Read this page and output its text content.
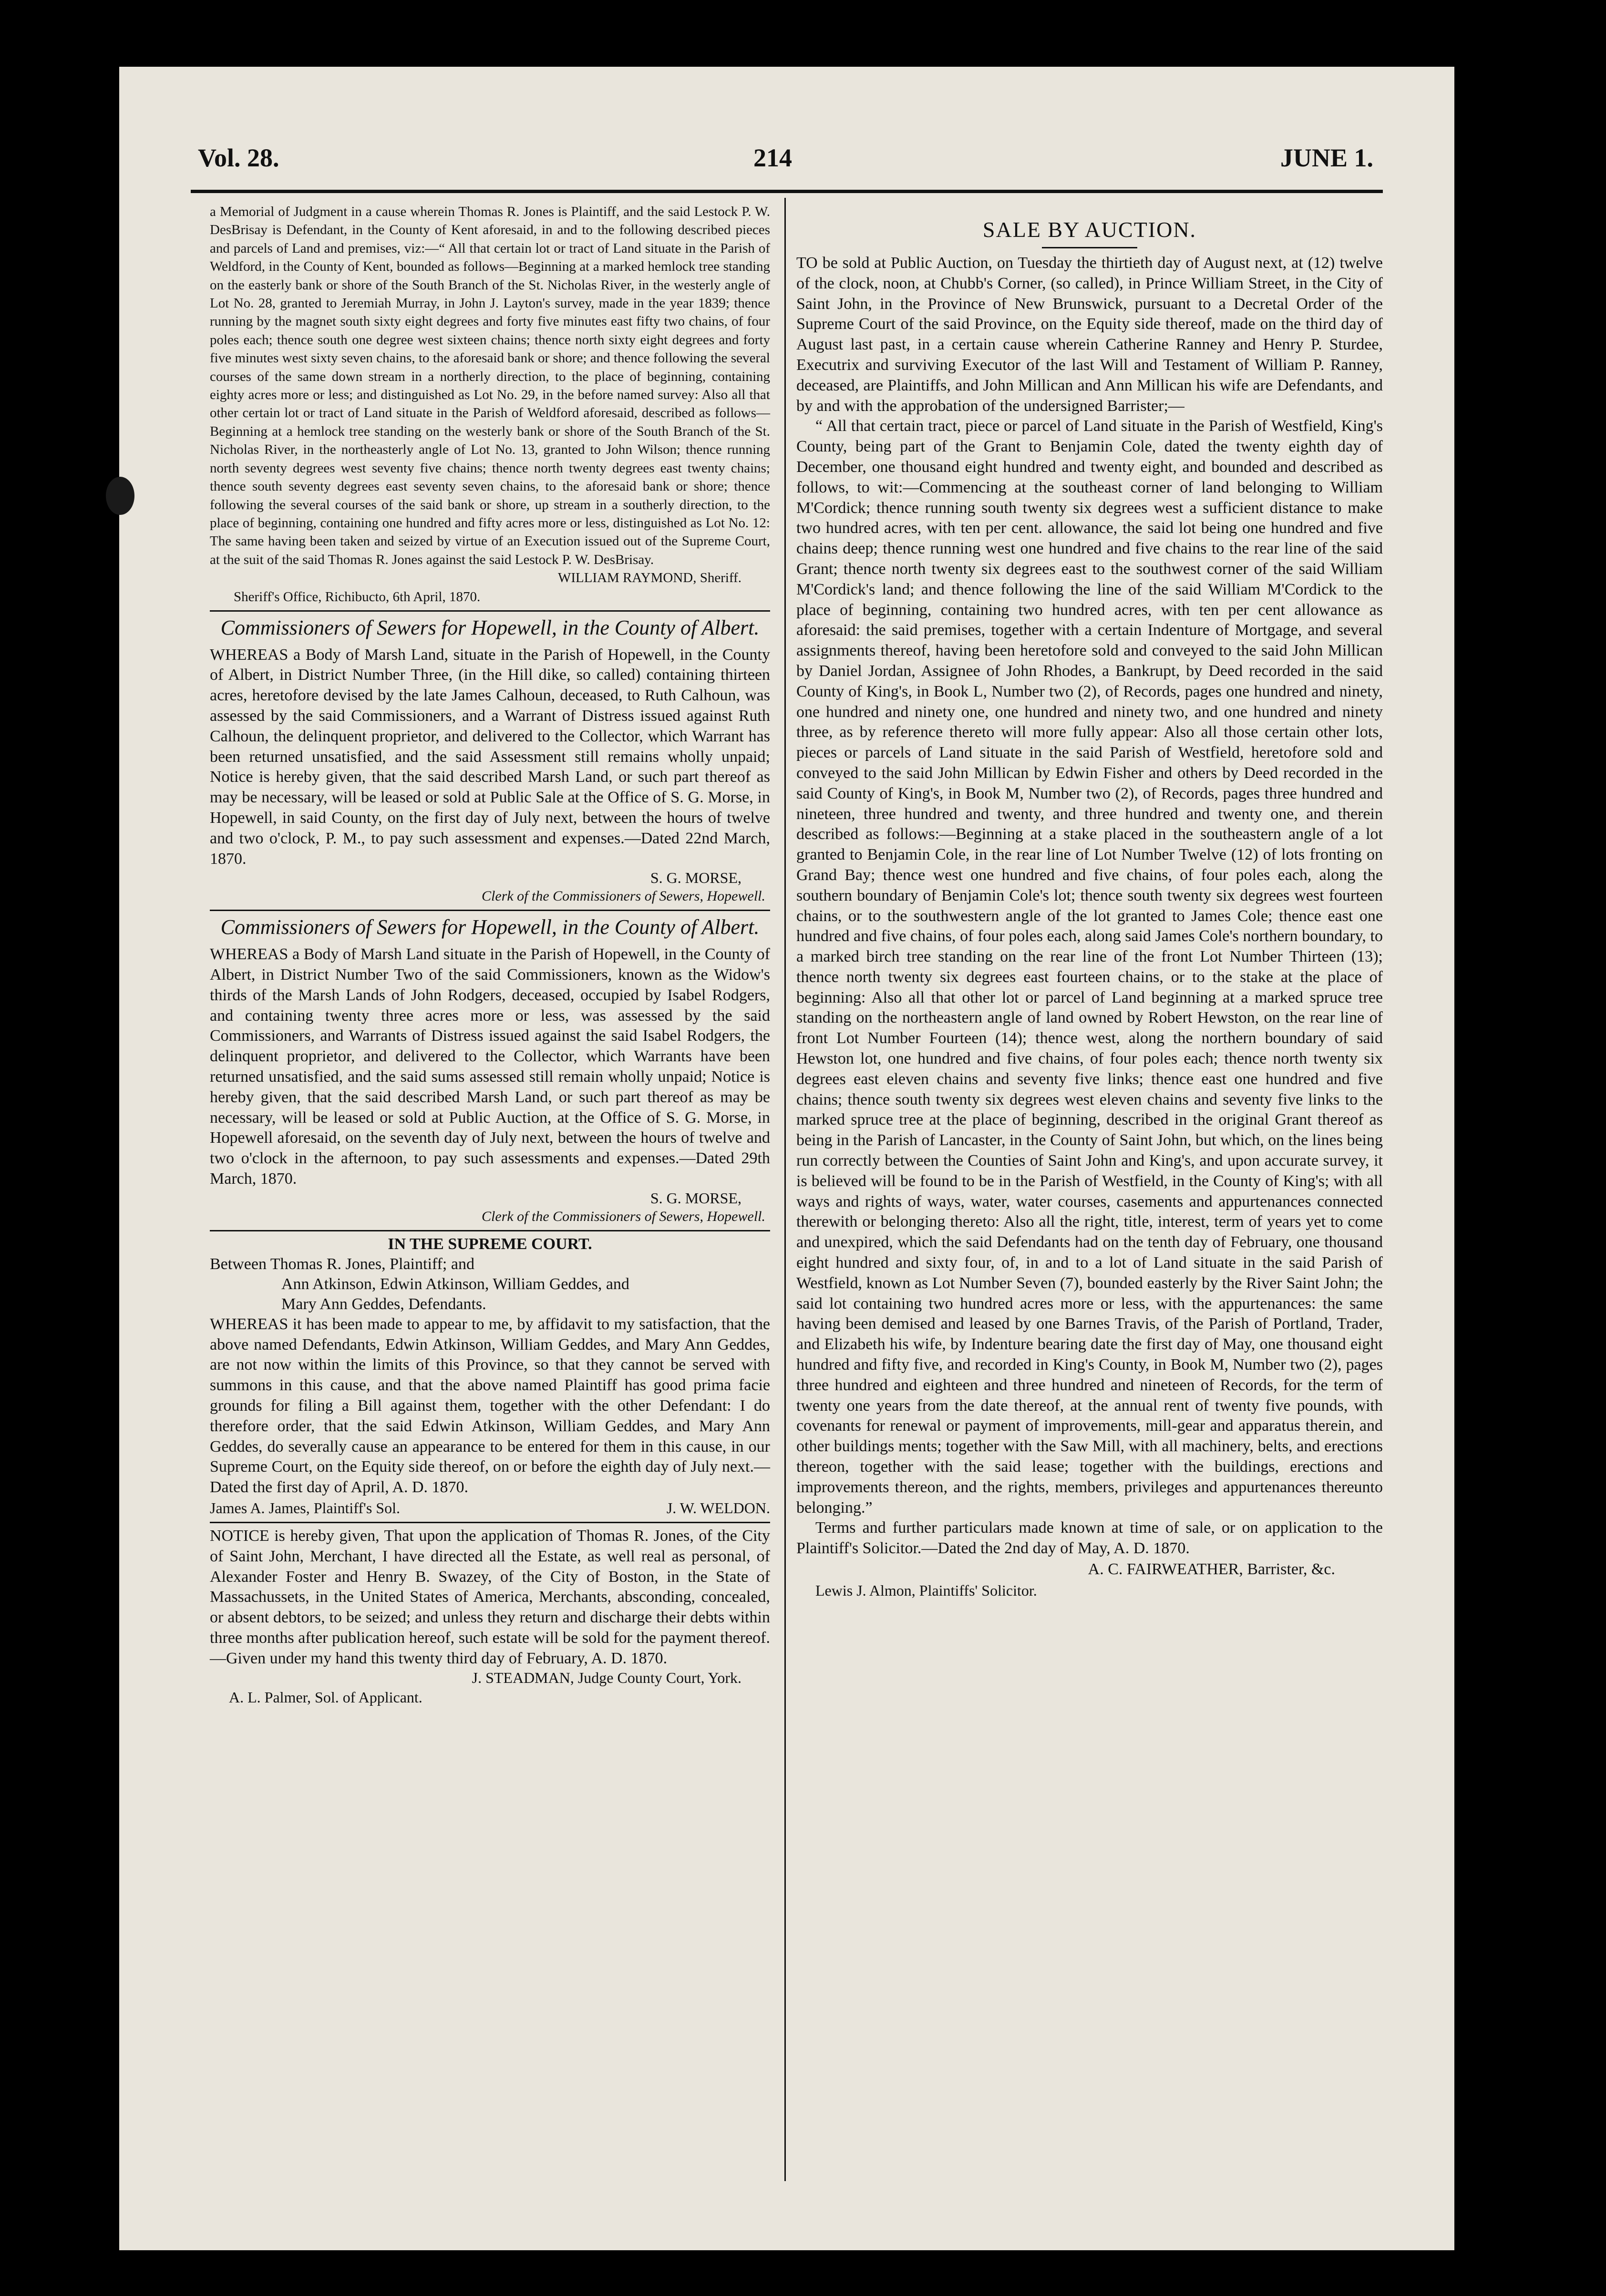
Vol. 28.	214	JUNE 1.

a Memorial of Judgment in a cause wherein Thomas R. Jones is Plaintiff, and the said Lestock P. W. DesBrisay is Defendant, in the County of Kent aforesaid, in and to the following described pieces and parcels of Land and premises, viz:—“ All that certain lot or tract of Land situate in the Parish of Weldford, in the County of Kent, bounded as follows—Beginning at a marked hemlock tree standing on the easterly bank or shore of the South Branch of the St. Nicholas River, in the westerly angle of Lot No. 28, granted to Jeremiah Murray, in John J. Layton's survey, made in the year 1839; thence running by the magnet south sixty eight degrees and forty five minutes east fifty two chains, of four poles each; thence south one degree west sixteen chains; thence north sixty eight degrees and forty five minutes west sixty seven chains, to the aforesaid bank or shore; and thence following the several courses of the same down stream in a northerly direction, to the place of beginning, containing eighty acres more or less; and distinguished as Lot No. 29, in the before named survey: Also all that other certain lot or tract of Land situate in the Parish of Weldford aforesaid, described as follows—Beginning at a hemlock tree standing on the westerly bank or shore of the South Branch of the St. Nicholas River, in the northeasterly angle of Lot No. 13, granted to John Wilson; thence running north seventy degrees west seventy five chains; thence north twenty degrees east twenty chains; thence south seventy degrees east seventy seven chains, to the aforesaid bank or shore; thence following the several courses of the said bank or shore, up stream in a southerly direction, to the place of beginning, containing one hundred and fifty acres more or less, distinguished as Lot No. 12: The same having been taken and seized by virtue of an Execution issued out of the Supreme Court, at the suit of the said Thomas R. Jones against the said Lestock P. W. DesBrisay.

WILLIAM RAYMOND, Sheriff.

Sheriff's Office, Richibucto, 6th April, 1870.

Commissioners of Sewers for Hopewell, in the County of Albert.

WHEREAS a Body of Marsh Land, situate in the Parish of Hopewell, in the County of Albert, in District Number Three, (in the Hill dike, so called) containing thirteen acres, heretofore devised by the late James Calhoun, deceased, to Ruth Calhoun, was assessed by the said Commissioners, and a Warrant of Distress issued against Ruth Calhoun, the delinquent proprietor, and delivered to the Collector, which Warrant has been returned unsatisfied, and the said Assessment still remains wholly unpaid; Notice is hereby given, that the said described Marsh Land, or such part thereof as may be necessary, will be leased or sold at Public Sale at the Office of S. G. Morse, in Hopewell, in said County, on the first day of July next, between the hours of twelve and two o'clock, P. M., to pay such assessment and expenses.—Dated 22nd March, 1870.

S. G. MORSE,

Clerk of the Commissioners of Sewers, Hopewell.

Commissioners of Sewers for Hopewell, in the County of Albert.

WHEREAS a Body of Marsh Land situate in the Parish of Hopewell, in the County of Albert, in District Number Two of the said Commissioners, known as the Widow's thirds of the Marsh Lands of John Rodgers, deceased, occupied by Isabel Rodgers, and containing twenty three acres more or less, was assessed by the said Commissioners, and Warrants of Distress issued against the said Isabel Rodgers, the delinquent proprietor, and delivered to the Collector, which Warrants have been returned unsatisfied, and the said sums assessed still remain wholly unpaid; Notice is hereby given, that the said described Marsh Land, or such part thereof as may be necessary, will be leased or sold at Public Auction, at the Office of S. G. Morse, in Hopewell aforesaid, on the seventh day of July next, between the hours of twelve and two o'clock in the afternoon, to pay such assessments and expenses.—Dated 29th March, 1870.

S. G. MORSE,

Clerk of the Commissioners of Sewers, Hopewell.

IN THE SUPREME COURT.

Between Thomas R. Jones, Plaintiff; and

Ann Atkinson, Edwin Atkinson, William Geddes, and

Mary Ann Geddes, Defendants.

WHEREAS it has been made to appear to me, by affidavit to my satisfaction, that the above named Defendants, Edwin Atkinson, William Geddes, and Mary Ann Geddes, are not now within the limits of this Province, so that they cannot be served with summons in this cause, and that the above named Plaintiff has good prima facie grounds for filing a Bill against them, together with the other Defendant: I do therefore order, that the said Edwin Atkinson, William Geddes, and Mary Ann Geddes, do severally cause an appearance to be entered for them in this cause, in our Supreme Court, on the Equity side thereof, on or before the eighth day of July next.—Dated the first day of April, A. D. 1870.

James A. James, Plaintiff's Sol.	J. W. WELDON.

NOTICE is hereby given, That upon the application of Thomas R. Jones, of the City of Saint John, Merchant, I have directed all the Estate, as well real as personal, of Alexander Foster and Henry B. Swazey, of the City of Boston, in the State of Massachussets, in the United States of America, Merchants, absconding, concealed, or absent debtors, to be seized; and unless they return and discharge their debts within three months after publication hereof, such estate will be sold for the payment thereof.—Given under my hand this twenty third day of February, A. D. 1870.

J. STEADMAN, Judge County Court, York.

A. L. Palmer, Sol. of Applicant.

SALE BY AUCTION.

TO be sold at Public Auction, on Tuesday the thirtieth day of August next, at (12) twelve of the clock, noon, at Chubb's Corner, (so called), in Prince William Street, in the City of Saint John, in the Province of New Brunswick, pursuant to a Decretal Order of the Supreme Court of the said Province, on the Equity side thereof, made on the third day of August last past, in a certain cause wherein Catherine Ranney and Henry P. Sturdee, Executrix and surviving Executor of the last Will and Testament of William P. Ranney, deceased, are Plaintiffs, and John Millican and Ann Millican his wife are Defendants, and by and with the approbation of the undersigned Barrister;—

“ All that certain tract, piece or parcel of Land situate in the Parish of Westfield, King's County, being part of the Grant to Benjamin Cole, dated the twenty eighth day of December, one thousand eight hundred and twenty eight, and bounded and described as follows, to wit:—Commencing at the southeast corner of land belonging to William M'Cordick; thence running south twenty six degrees west a sufficient distance to make two hundred acres, with ten per cent. allowance, the said lot being one hundred and five chains deep; thence running west one hundred and five chains to the rear line of the said Grant; thence north twenty six degrees east to the southwest corner of the said William M'Cordick's land; and thence following the line of the said William M'Cordick to the place of beginning, containing two hundred acres, with ten per cent allowance as aforesaid: the said premises, together with a certain Indenture of Mortgage, and several assignments thereof, having been heretofore sold and conveyed to the said John Millican by Daniel Jordan, Assignee of John Rhodes, a Bankrupt, by Deed recorded in the said County of King's, in Book L, Number two (2), of Records, pages one hundred and ninety, one hundred and ninety one, one hundred and ninety two, and one hundred and ninety three, as by reference thereto will more fully appear: Also all those certain other lots, pieces or parcels of Land situate in the said Parish of Westfield, heretofore sold and conveyed to the said John Millican by Edwin Fisher and others by Deed recorded in the said County of King's, in Book M, Number two (2), of Records, pages three hundred and nineteen, three hundred and twenty, and three hundred and twenty one, and therein described as follows:—Beginning at a stake placed in the southeastern angle of a lot granted to Benjamin Cole, in the rear line of Lot Number Twelve (12) of lots fronting on Grand Bay; thence west one hundred and five chains, of four poles each, along the southern boundary of Benjamin Cole's lot; thence south twenty six degrees west fourteen chains, or to the southwestern angle of the lot granted to James Cole; thence east one hundred and five chains, of four poles each, along said James Cole's northern boundary, to a marked birch tree standing on the rear line of the front Lot Number Thirteen (13); thence north twenty six degrees east fourteen chains, or to the stake at the place of beginning: Also all that other lot or parcel of Land beginning at a marked spruce tree standing on the northeastern angle of land owned by Robert Hewston, on the rear line of front Lot Number Fourteen (14); thence west, along the northern boundary of said Hewston lot, one hundred and five chains, of four poles each; thence north twenty six degrees east eleven chains and seventy five links; thence east one hundred and five chains; thence south twenty six degrees west eleven chains and seventy five links to the marked spruce tree at the place of beginning, described in the original Grant thereof as being in the Parish of Lancaster, in the County of Saint John, but which, on the lines being run correctly between the Counties of Saint John and King's, and upon accurate survey, it is believed will be found to be in the Parish of Westfield, in the County of King's; with all ways and rights of ways, water, water courses, casements and appurtenances connected therewith or belonging thereto: Also all the right, title, interest, term of years yet to come and unexpired, which the said Defendants had on the tenth day of February, one thousand eight hundred and sixty four, of, in and to a lot of Land situate in the said Parish of Westfield, known as Lot Number Seven (7), bounded easterly by the River Saint John; the said lot containing two hundred acres more or less, with the appurtenances: the same having been demised and leased by one Barnes Travis, of the Parish of Portland, Trader, and Elizabeth his wife, by Indenture bearing date the first day of May, one thousand eight hundred and fifty five, and recorded in King's County, in Book M, Number two (2), pages three hundred and eighteen and three hundred and nineteen of Records, for the term of twenty one years from the date thereof, at the annual rent of twenty five pounds, with covenants for renewal or payment of improvements, mill-gear and apparatus therein, and other buildings ments; together with the Saw Mill, with all machinery, belts, and erections thereon, together with the said lease; together with the buildings, erections and improvements thereon, and the rights, members, privileges and appurtenances thereunto belonging.”

Terms and further particulars made known at time of sale, or on application to the Plaintiff's Solicitor.—Dated the 2nd day of May, A. D. 1870.

A. C. FAIRWEATHER, Barrister, &c.

Lewis J. Almon, Plaintiffs' Solicitor.
